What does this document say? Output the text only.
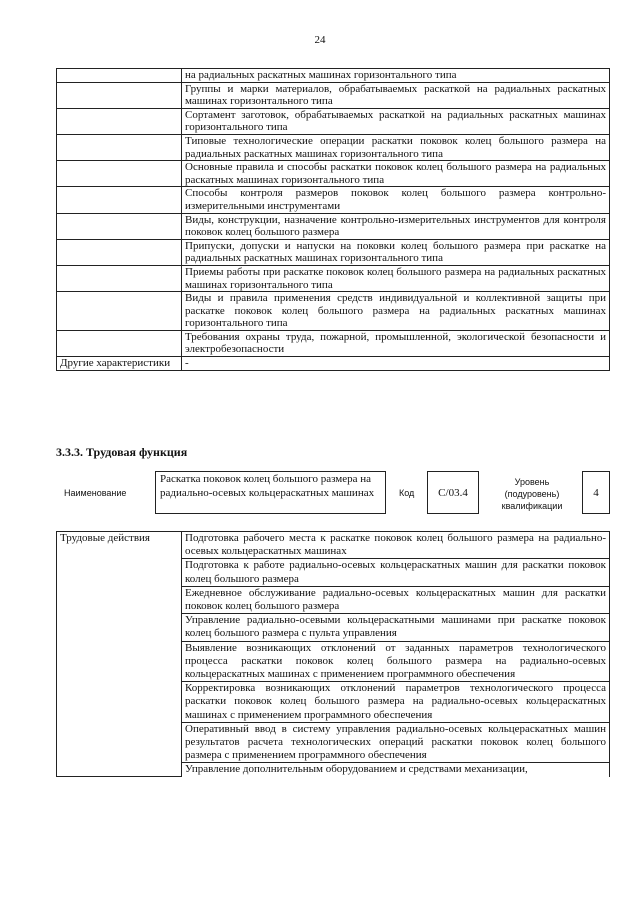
24
	на радиальных раскатных машинах горизонтального типа
	Группы и марки материалов, обрабатываемых раскаткой на радиальных раскатных машинах горизонтального типа
	Сортамент заготовок, обрабатываемых раскаткой на радиальных раскатных машинах горизонтального типа
	Типовые технологические операции раскатки поковок колец большого размера на радиальных раскатных машинах горизонтального типа
	Основные правила и способы раскатки поковок колец большого размера на радиальных раскатных машинах горизонтального типа
	Способы контроля размеров поковок колец большого размера контрольно-измерительными инструментами
	Виды, конструкции, назначение контрольно-измерительных инструментов для контроля поковок колец большого размера
	Припуски, допуски и напуски на поковки колец большого размера при раскатке на радиальных раскатных машинах горизонтального типа
	Приемы работы при раскатке поковок колец большого размера на радиальных раскатных машинах горизонтального типа
	Виды и правила применения средств индивидуальной и коллективной защиты при раскатке поковок колец большого размера на радиальных раскатных машинах горизонтального типа
	Требования охраны труда, пожарной, промышленной, экологической безопасности и электробезопасности
Другие характеристики	-
3.3.3. Трудовая функция
Наименование
Раскатка поковок колец большого размера на радиально-осевых кольцераскатных машинах	Код	C/03.4
Уровень (подуровень) квалификации
4
Трудовые действия	Подготовка рабочего места к раскатке поковок колец большого размера на радиально-осевых кольцераскатных машинах
Подготовка к работе радиально-осевых кольцераскатных машин для раскатки поковок колец большого размера
Ежедневное обслуживание радиально-осевых кольцераскатных машин для раскатки поковок колец большого размера
Управление радиально-осевыми кольцераскатными машинами при раскатке поковок колец большого размера с пульта управления
Выявление возникающих отклонений от заданных параметров технологического процесса раскатки поковок колец большого размера на радиально-осевых кольцераскатных машинах с применением программного обеспечения
Корректировка возникающих отклонений параметров технологического процесса раскатки поковок колец большого размера на радиально-осевых кольцераскатных машинах с применением программного обеспечения
Оперативный ввод в систему управления радиально-осевых кольцераскатных машин результатов расчета технологических операций раскатки поковок колец большого размера с применением программного обеспечения
Управление дополнительным оборудованием и средствами механизации,
